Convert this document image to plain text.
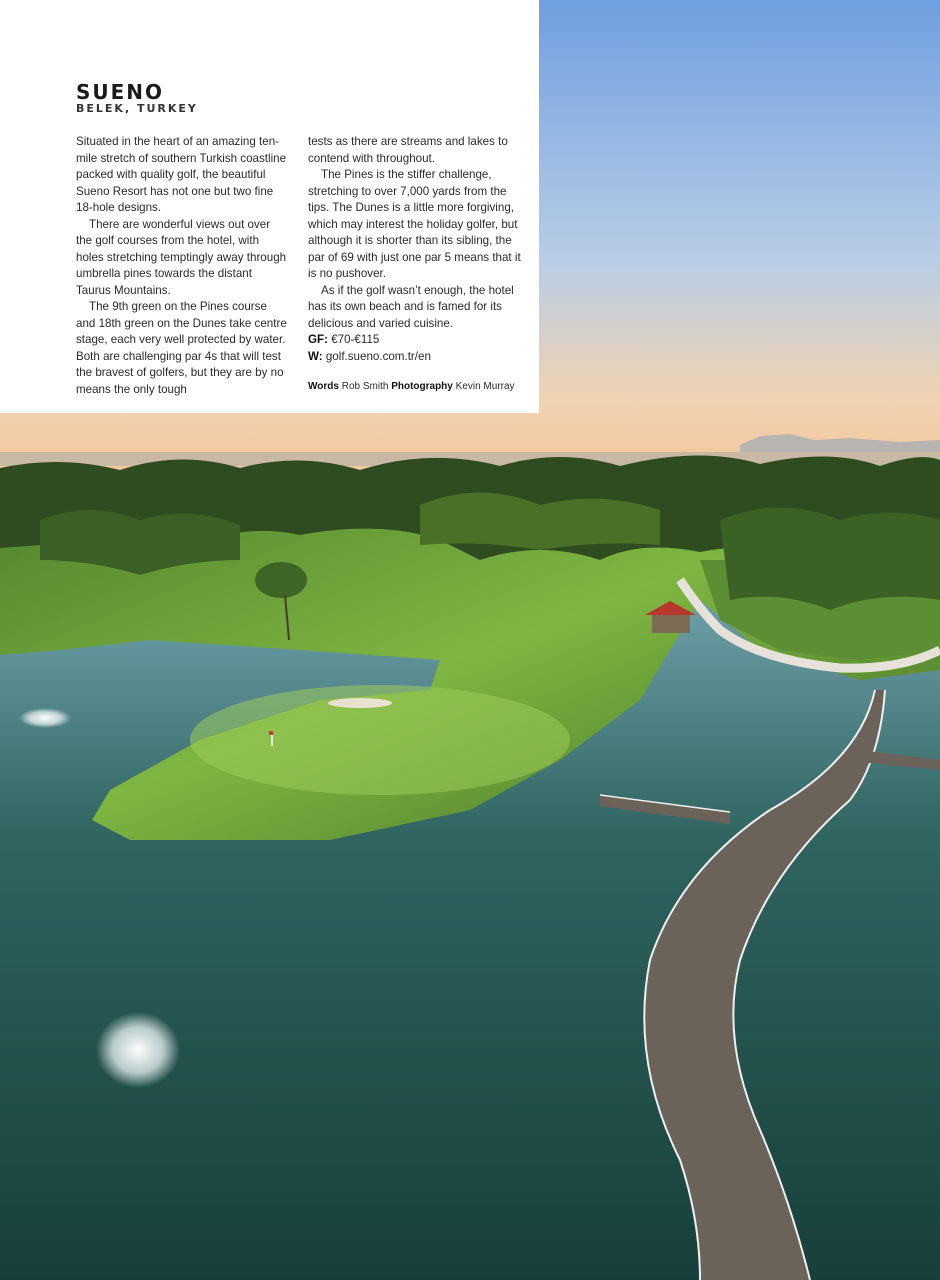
SUENO
BELEK, TURKEY

Situated in the heart of an amazing ten-mile stretch of southern Turkish coastline packed with quality golf, the beautiful Sueno Resort has not one but two fine 18-hole designs.

There are wonderful views out over the golf courses from the hotel, with holes stretching temptingly away through umbrella pines towards the distant Taurus Mountains.

The 9th green on the Pines course and 18th green on the Dunes take centre stage, each very well protected by water. Both are challenging par 4s that will test the bravest of golfers, but they are by no means the only tough

tests as there are streams and lakes to contend with throughout.

The Pines is the stiffer challenge, stretching to over 7,000 yards from the tips. The Dunes is a little more forgiving, which may interest the holiday golfer, but although it is shorter than its sibling, the par of 69 with just one par 5 means that it is no pushover.

As if the golf wasn’t enough, the hotel has its own beach and is famed for its delicious and varied cuisine.

GF: €70-€115

W: golf.sueno.com.tr/en

Words Rob Smith Photography Kevin Murray
